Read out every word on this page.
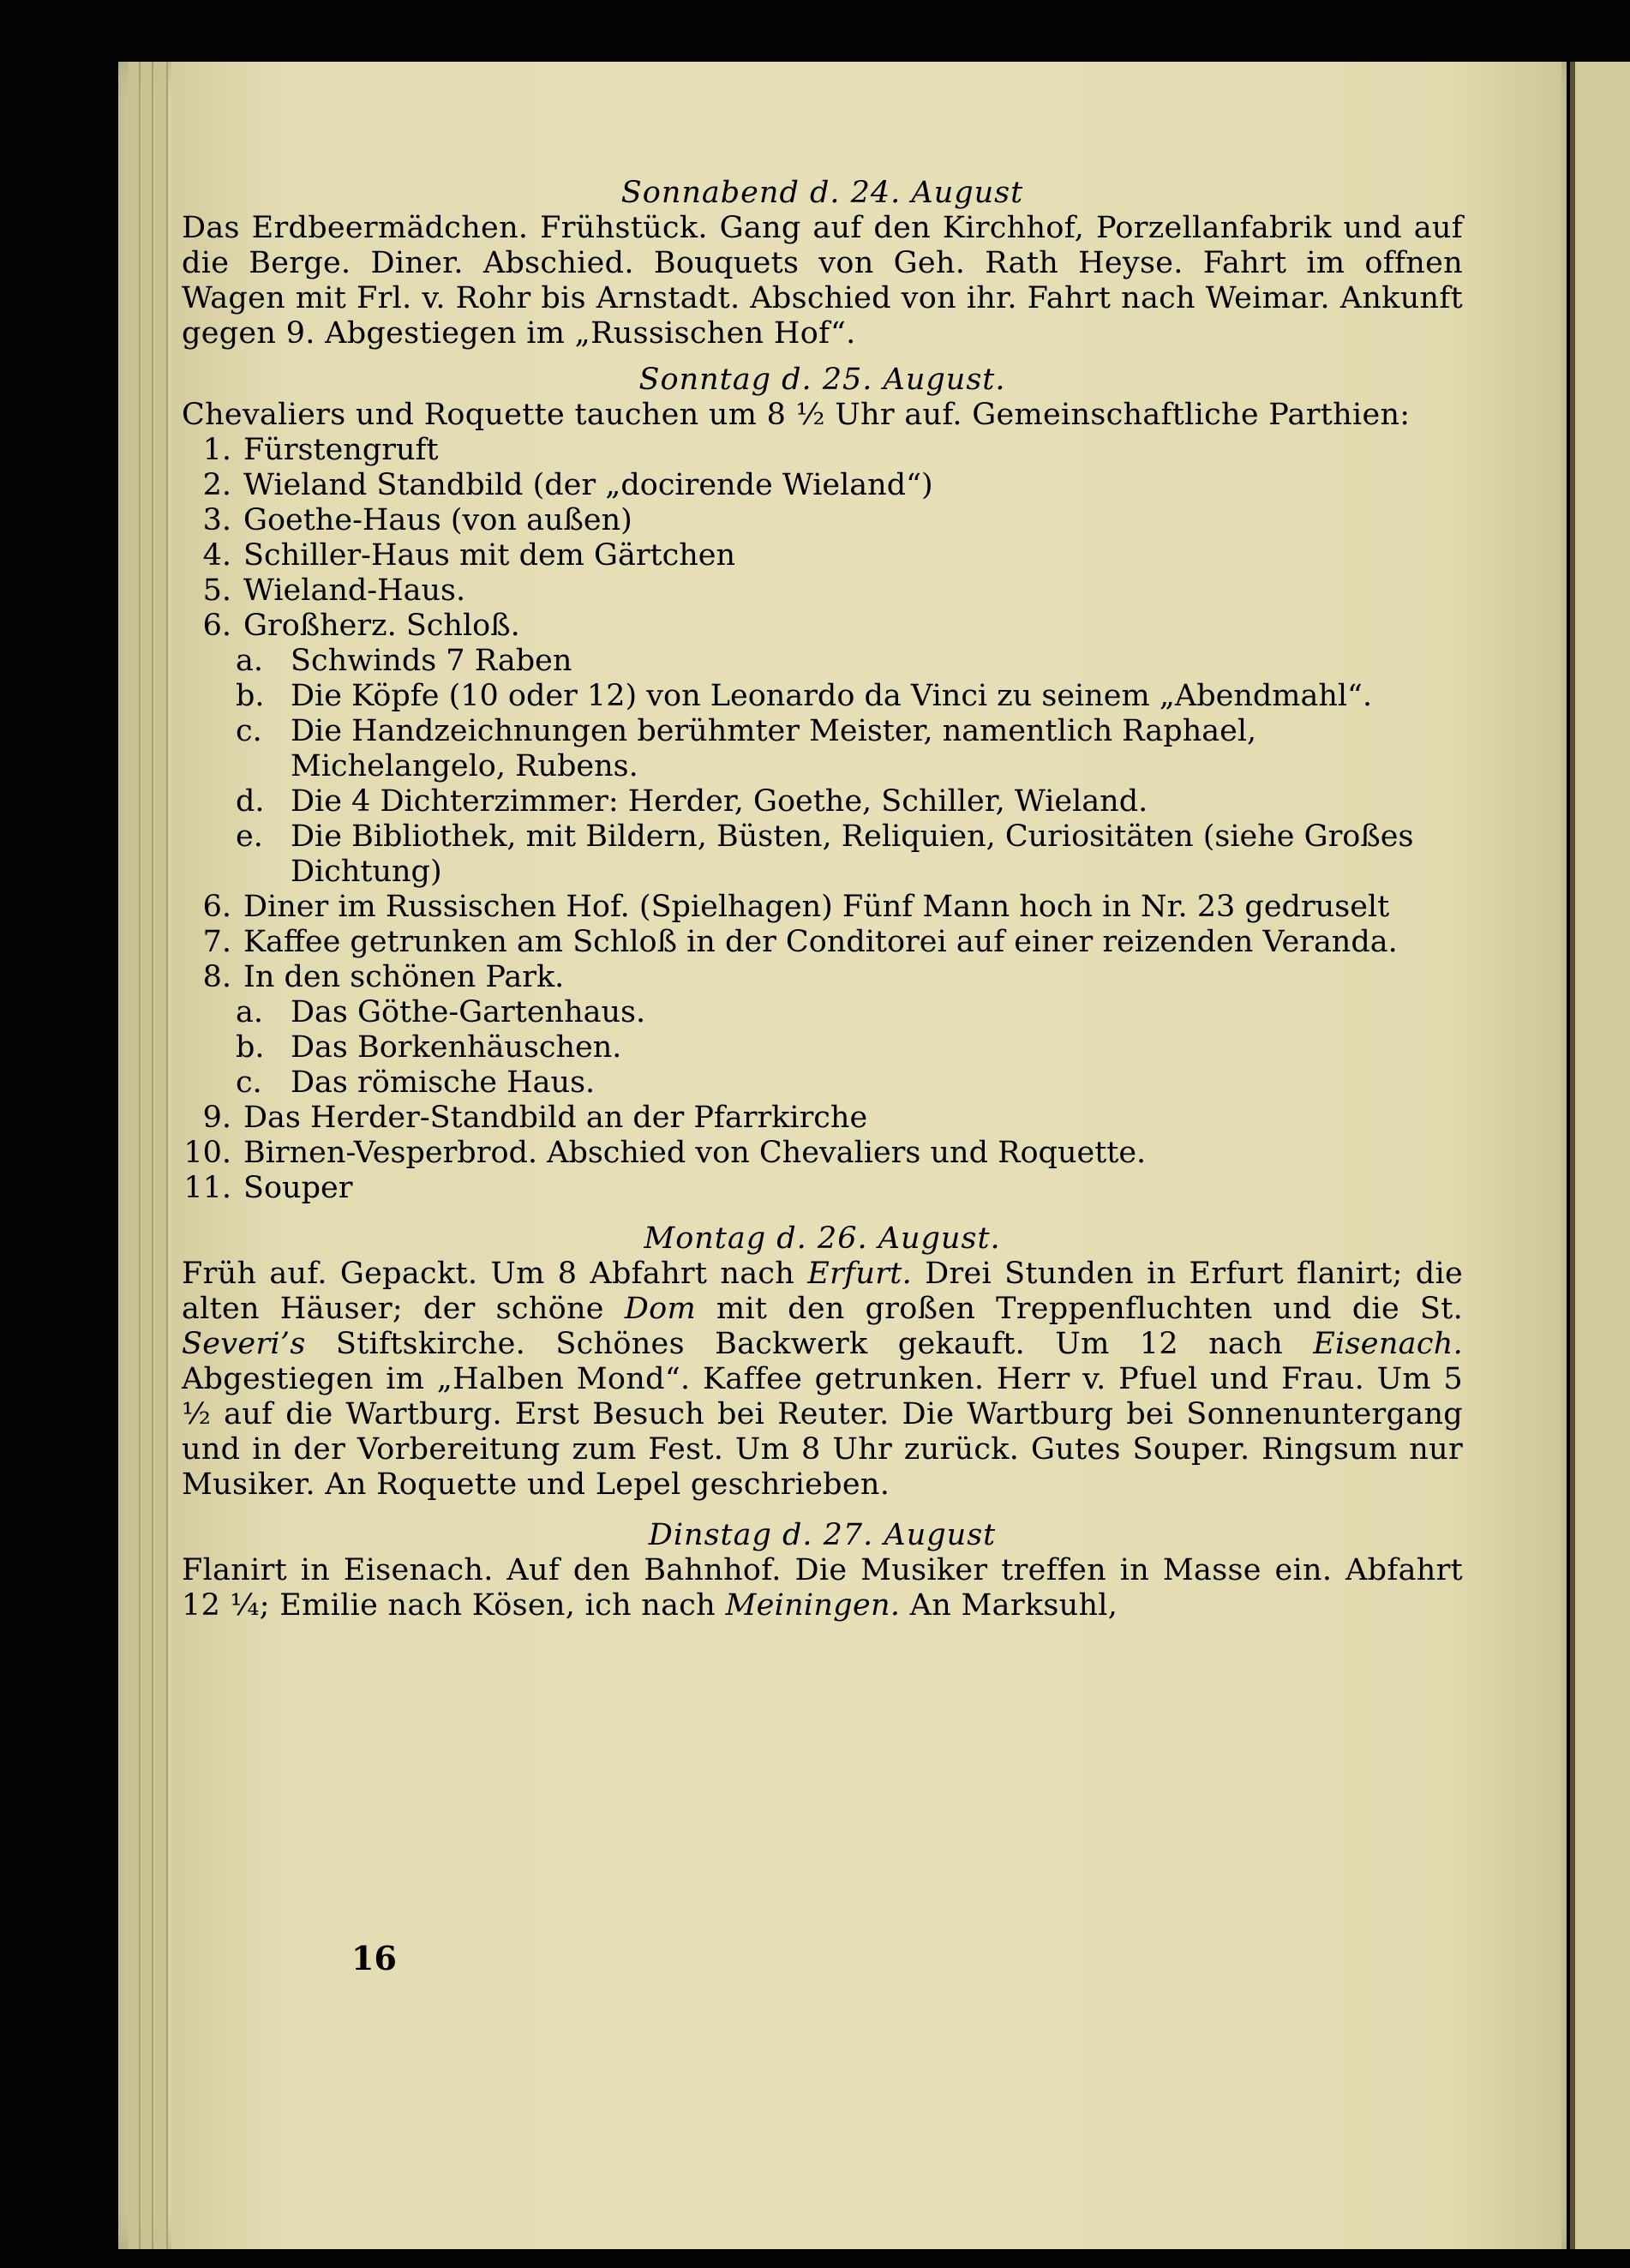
Sonnabend d. 24. August

Das Erdbeermädchen. Frühstück. Gang auf den Kirchhof, Porzellanfabrik und auf die Berge. Diner. Abschied. Bouquets von Geh. Rath Heyse. Fahrt im offnen Wagen mit Frl. v. Rohr bis Arnstadt. Abschied von ihr. Fahrt nach Weimar. Ankunft gegen 9. Abgestiegen im „Russischen Hof“.

Sonntag d. 25. August.

Chevaliers und Roquette tauchen um 8 ½ Uhr auf. Gemeinschaftliche Parthien:

1. Fürstengruft
2. Wieland Standbild (der „docirende Wieland“)
3. Goethe-Haus (von außen)
4. Schiller-Haus mit dem Gärtchen
5. Wieland-Haus.
6. Großherz. Schloß.
a. Schwinds 7 Raben
b. Die Köpfe (10 oder 12) von Leonardo da Vinci zu seinem „Abendmahl“.
c. Die Handzeichnungen berühmter Meister, namentlich Raphael, Michelangelo, Rubens.
d. Die 4 Dichterzimmer: Herder, Goethe, Schiller, Wieland.
e. Die Bibliothek, mit Bildern, Büsten, Reliquien, Curiositäten (siehe Großes Dichtung)
6. Diner im Russischen Hof. (Spielhagen) Fünf Mann hoch in Nr. 23 gedruselt
7. Kaffee getrunken am Schloß in der Conditorei auf einer reizenden Veranda.
8. In den schönen Park.
a. Das Göthe-Gartenhaus.
b. Das Borkenhäuschen.
c. Das römische Haus.
9. Das Herder-Standbild an der Pfarrkirche
10. Birnen-Vesperbrod. Abschied von Chevaliers und Roquette.
11. Souper

Montag d. 26. August.

Früh auf. Gepackt. Um 8 Abfahrt nach Erfurt. Drei Stunden in Erfurt flanirt; die alten Häuser; der schöne Dom mit den großen Treppenfluchten und die St. Severi’s Stiftskirche. Schönes Backwerk gekauft. Um 12 nach Eisenach. Abgestiegen im „Halben Mond“. Kaffee getrunken. Herr v. Pfuel und Frau. Um 5 ½ auf die Wartburg. Erst Besuch bei Reuter. Die Wartburg bei Sonnenuntergang und in der Vorbereitung zum Fest. Um 8 Uhr zurück. Gutes Souper. Ringsum nur Musiker. An Roquette und Lepel geschrieben.

Dinstag d. 27. August

Flanirt in Eisenach. Auf den Bahnhof. Die Musiker treffen in Masse ein. Abfahrt 12 ¼; Emilie nach Kösen, ich nach Meiningen. An Marksuhl,

16
